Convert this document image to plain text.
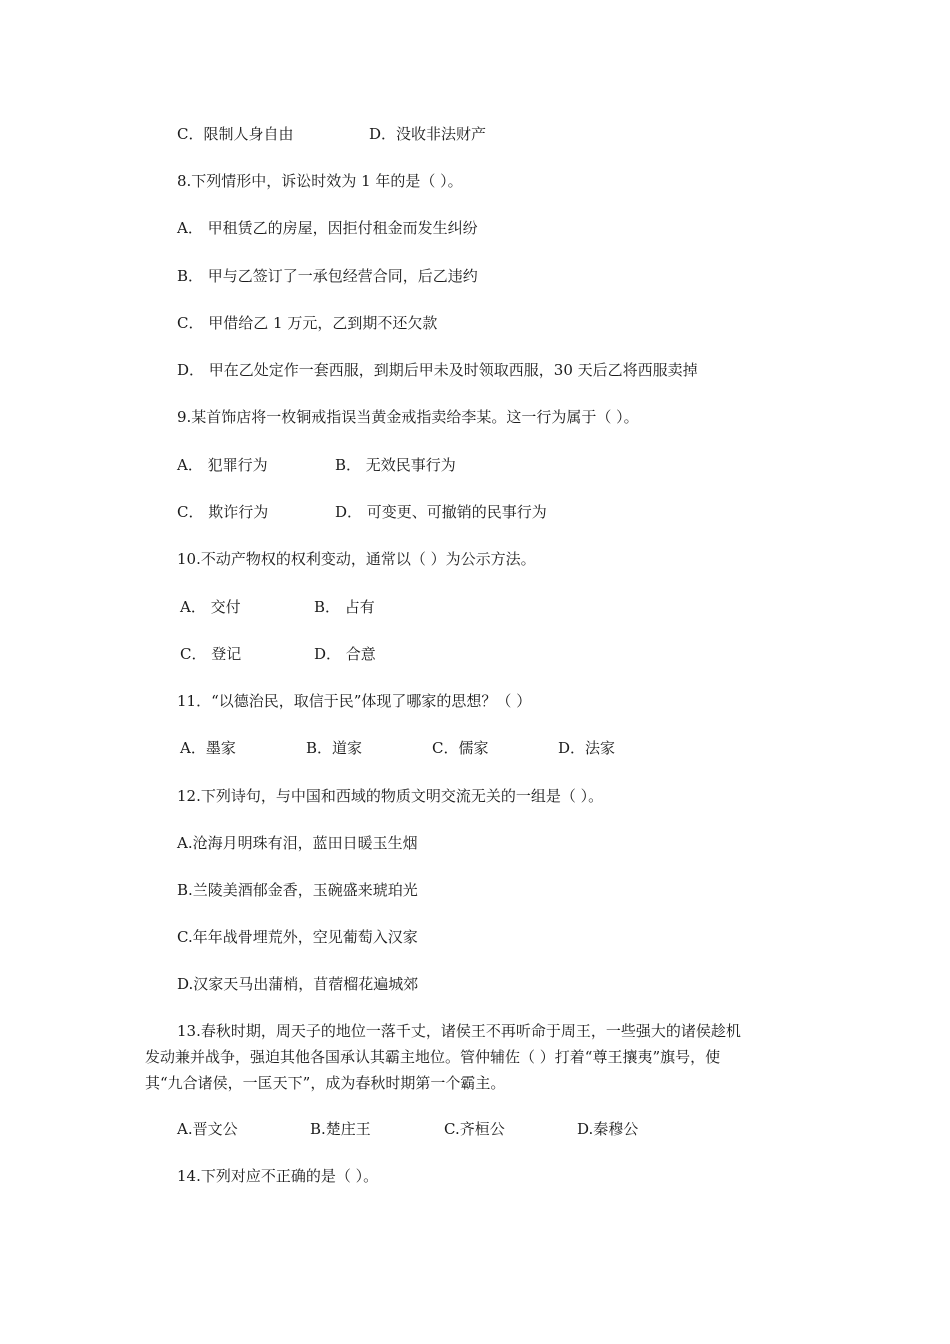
C．限制人身自由	D．没收非法财产
8.下列情形中，诉讼时效为 1 年的是（ ）。
A． 甲租赁乙的房屋，因拒付租金而发生纠纷
B． 甲与乙签订了一承包经营合同，后乙违约
C． 甲借给乙 1 万元，乙到期不还欠款
D． 甲在乙处定作一套西服，到期后甲未及时领取西服，30 天后乙将西服卖掉
9.某首饰店将一枚铜戒指误当黄金戒指卖给李某。这一行为属于（ ）。
A． 犯罪行为	B． 无效民事行为
C． 欺诈行为	D． 可变更、可撤销的民事行为
10.不动产物权的权利变动，通常以（ ）为公示方法。
A． 交付	B． 占有
C． 登记	D． 合意
11．“以德治民，取信于民”体现了哪家的思想？（ ）
A．墨家	B．道家	C．儒家	D．法家
12.下列诗句，与中国和西域的物质文明交流无关的一组是（ ）。
A.沧海月明珠有泪，蓝田日暖玉生烟
B.兰陵美酒郁金香，玉碗盛来琥珀光
C.年年战骨埋荒外，空见葡萄入汉家
D.汉家天马出蒲梢，苜蓿榴花遍城郊
13.春秋时期，周天子的地位一落千丈，诸侯王不再听命于周王，一些强大的诸侯趁机
发动兼并战争，强迫其他各国承认其霸主地位。管仲辅佐（ ）打着“尊王攘夷”旗号，使
其“九合诸侯，一匡天下”，成为春秋时期第一个霸主。
A.晋文公	B.楚庄王	C.齐桓公	D.秦穆公
14.下列对应不正确的是（ ）。
